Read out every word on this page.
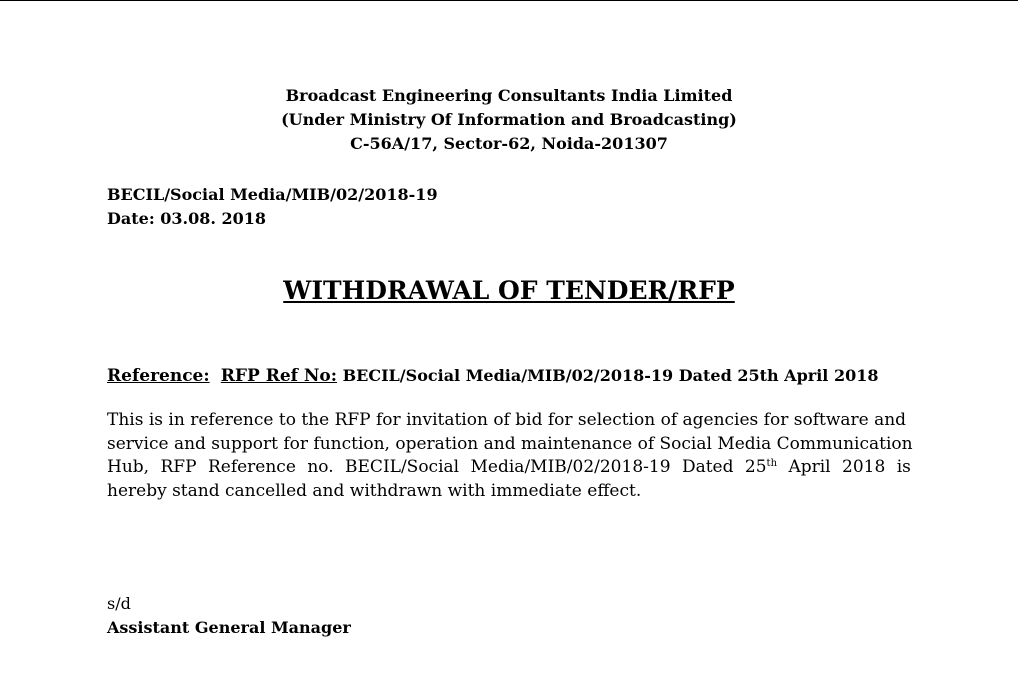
Broadcast Engineering Consultants India Limited
(Under Ministry Of Information and Broadcasting)
C-56A/17, Sector-62, Noida-201307
BECIL/Social Media/MIB/02/2018-19
Date: 03.08. 2018
WITHDRAWAL OF TENDER/RFP
Reference: RFP Ref No: BECIL/Social Media/MIB/02/2018-19 Dated 25th April 2018
This is in reference to the RFP for invitation of bid for selection of agencies for software and
service and support for function, operation and maintenance of Social Media Communication
Hub, RFP Reference no. BECIL/Social Media/MIB/02/2018-19 Dated 25th April 2018 is
hereby stand cancelled and withdrawn with immediate effect.
s/d
Assistant General Manager
